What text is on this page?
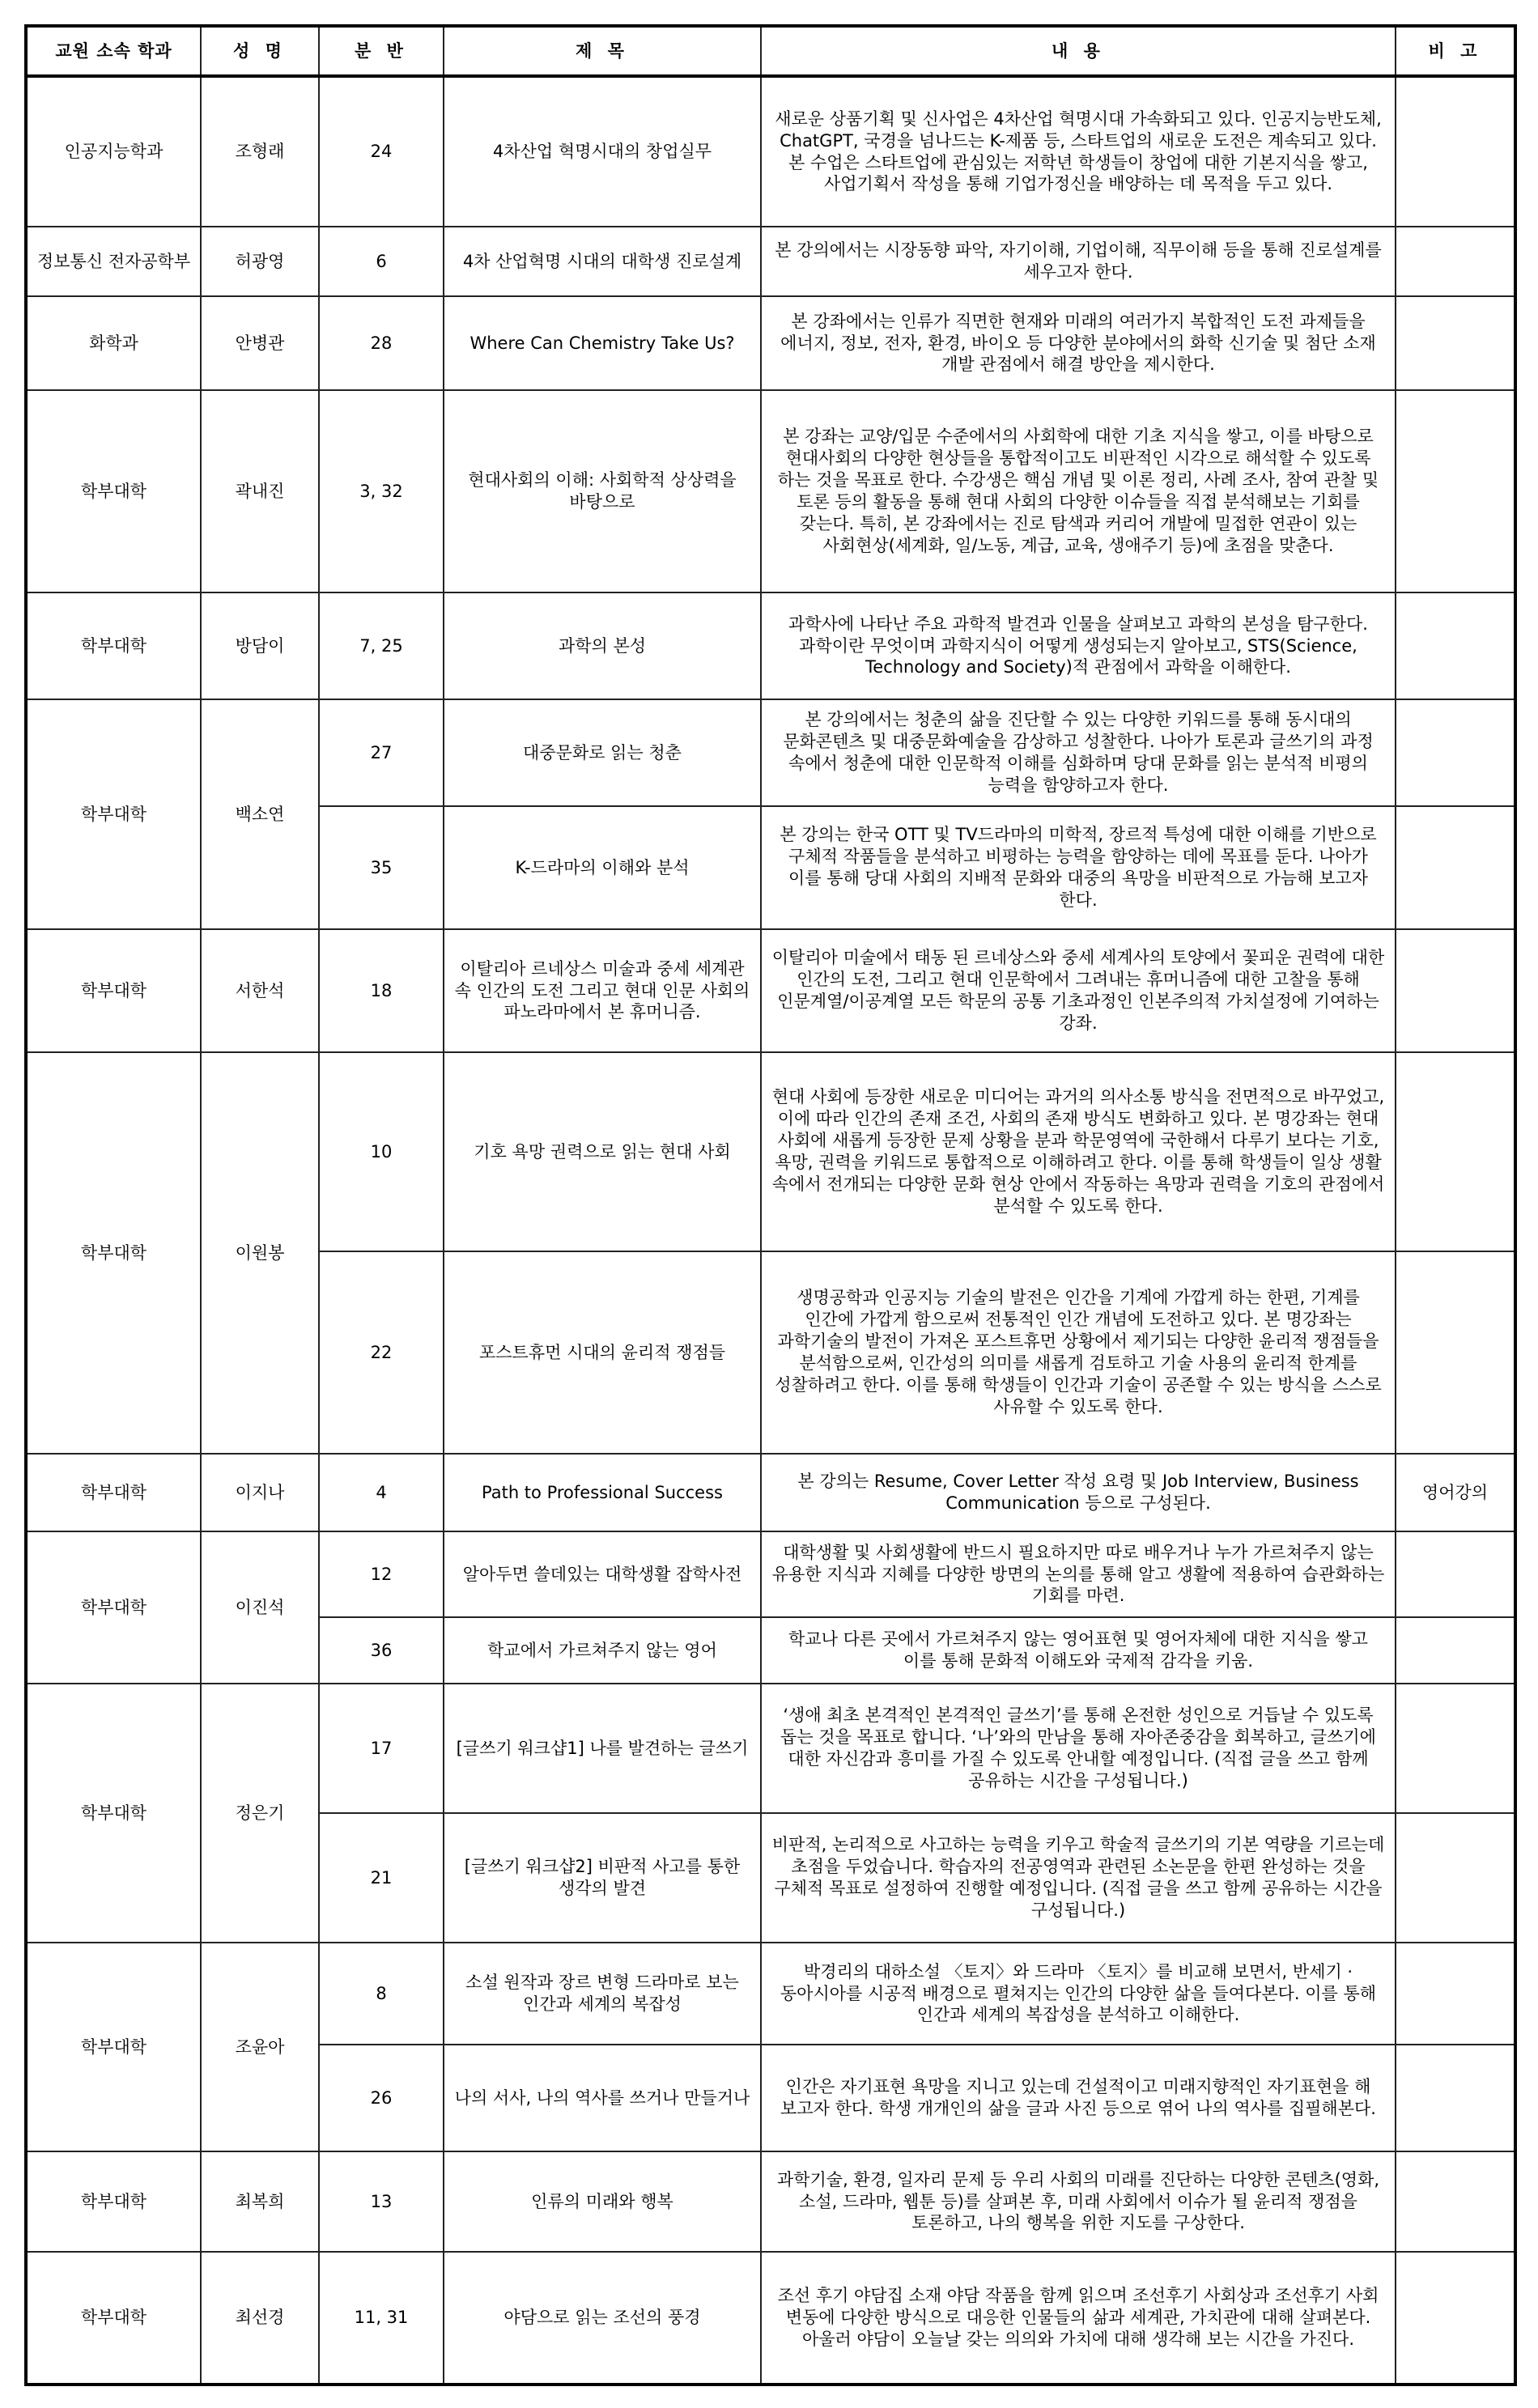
교원 소속 학과	성 명	분 반	제 목	내 용	비 고
인공지능학과	조형래	24	4차산업 혁명시대의 창업실무	새로운 상품기획 및 신사업은 4차산업 혁명시대 가속화되고 있다. 인공지능반도체, ChatGPT, 국경을 넘나드는 K-제품 등, 스타트업의 새로운 도전은 계속되고 있다. 본 수업은 스타트업에 관심있는 저학년 학생들이 창업에 대한 기본지식을 쌓고, 사업기획서 작성을 통해 기업가정신을 배양하는 데 목적을 두고 있다.	
정보통신 전자공학부	허광영	6	4차 산업혁명 시대의 대학생 진로설계	본 강의에서는 시장동향 파악, 자기이해, 기업이해, 직무이해 등을 통해 진로설계를 세우고자 한다.	
화학과	안병관	28	Where Can Chemistry Take Us?	본 강좌에서는 인류가 직면한 현재와 미래의 여러가지 복합적인 도전 과제들을 에너지, 정보, 전자, 환경, 바이오 등 다양한 분야에서의 화학 신기술 및 첨단 소재 개발 관점에서 해결 방안을 제시한다.	
학부대학	곽내진	3, 32	현대사회의 이해: 사회학적 상상력을 바탕으로	본 강좌는 교양/입문 수준에서의 사회학에 대한 기초 지식을 쌓고, 이를 바탕으로 현대사회의 다양한 현상들을 통합적이고도 비판적인 시각으로 해석할 수 있도록 하는 것을 목표로 한다. 수강생은 핵심 개념 및 이론 정리, 사례 조사, 참여 관찰 및 토론 등의 활동을 통해 현대 사회의 다양한 이슈들을 직접 분석해보는 기회를 갖는다. 특히, 본 강좌에서는 진로 탐색과 커리어 개발에 밀접한 연관이 있는 사회현상(세계화, 일/노동, 계급, 교육, 생애주기 등)에 초점을 맞춘다.	
학부대학	방담이	7, 25	과학의 본성	과학사에 나타난 주요 과학적 발견과 인물을 살펴보고 과학의 본성을 탐구한다. 과학이란 무엇이며 과학지식이 어떻게 생성되는지 알아보고, STS(Science, Technology and Society)적 관점에서 과학을 이해한다.	
학부대학	백소연	27	대중문화로 읽는 청춘	본 강의에서는 청춘의 삶을 진단할 수 있는 다양한 키워드를 통해 동시대의 문화콘텐츠 및 대중문화예술을 감상하고 성찰한다. 나아가 토론과 글쓰기의 과정 속에서 청춘에 대한 인문학적 이해를 심화하며 당대 문화를 읽는 분석적 비평의 능력을 함양하고자 한다.	
		35	K-드라마의 이해와 분석	본 강의는 한국 OTT 및 TV드라마의 미학적, 장르적 특성에 대한 이해를 기반으로 구체적 작품들을 분석하고 비평하는 능력을 함양하는 데에 목표를 둔다. 나아가 이를 통해 당대 사회의 지배적 문화와 대중의 욕망을 비판적으로 가늠해 보고자 한다.	
학부대학	서한석	18	이탈리아 르네상스 미술과 중세 세계관 속 인간의 도전 그리고 현대 인문 사회의 파노라마에서 본 휴머니즘.	이탈리아 미술에서 태동 된 르네상스와 중세 세계사의 토양에서 꽃피운 권력에 대한 인간의 도전, 그리고 현대 인문학에서 그려내는 휴머니즘에 대한 고찰을 통해 인문계열/이공계열 모든 학문의 공통 기초과정인 인본주의적 가치설정에 기여하는 강좌.	
학부대학	이원봉	10	기호 욕망 권력으로 읽는 현대 사회	현대 사회에 등장한 새로운 미디어는 과거의 의사소통 방식을 전면적으로 바꾸었고, 이에 따라 인간의 존재 조건, 사회의 존재 방식도 변화하고 있다. 본 명강좌는 현대 사회에 새롭게 등장한 문제 상황을 분과 학문영역에 국한해서 다루기 보다는 기호, 욕망, 권력을 키워드로 통합적으로 이해하려고 한다. 이를 통해 학생들이 일상 생활 속에서 전개되는 다양한 문화 현상 안에서 작동하는 욕망과 권력을 기호의 관점에서 분석할 수 있도록 한다.	
		22	포스트휴먼 시대의 윤리적 쟁점들	생명공학과 인공지능 기술의 발전은 인간을 기계에 가깝게 하는 한편, 기계를 인간에 가깝게 함으로써 전통적인 인간 개념에 도전하고 있다. 본 명강좌는 과학기술의 발전이 가져온 포스트휴먼 상황에서 제기되는 다양한 윤리적 쟁점들을 분석함으로써, 인간성의 의미를 새롭게 검토하고 기술 사용의 윤리적 한계를 성찰하려고 한다. 이를 통해 학생들이 인간과 기술이 공존할 수 있는 방식을 스스로 사유할 수 있도록 한다.	
학부대학	이지나	4	Path to Professional Success	본 강의는 Resume, Cover Letter 작성 요령 및 Job Interview, Business Communication 등으로 구성된다.	영어강의
학부대학	이진석	12	알아두면 쓸데있는 대학생활 잡학사전	대학생활 및 사회생활에 반드시 필요하지만 따로 배우거나 누가 가르쳐주지 않는 유용한 지식과 지혜를 다양한 방면의 논의를 통해 알고 생활에 적용하여 습관화하는 기회를 마련.	
		36	학교에서 가르쳐주지 않는 영어	학교나 다른 곳에서 가르쳐주지 않는 영어표현 및 영어자체에 대한 지식을 쌓고 이를 통해 문화적 이해도와 국제적 감각을 키움.	
학부대학	정은기	17	[글쓰기 워크샵1] 나를 발견하는 글쓰기	‘생애 최초 본격적인 본격적인 글쓰기’를 통해 온전한 성인으로 거듭날 수 있도록 돕는 것을 목표로 합니다. ‘나’와의 만남을 통해 자아존중감을 회복하고, 글쓰기에 대한 자신감과 흥미를 가질 수 있도록 안내할 예정입니다. (직접 글을 쓰고 함께 공유하는 시간을 구성됩니다.)	
		21	[글쓰기 워크샵2] 비판적 사고를 통한 생각의 발견	비판적, 논리적으로 사고하는 능력을 키우고 학술적 글쓰기의 기본 역량을 기르는데 초점을 두었습니다. 학습자의 전공영역과 관련된 소논문을 한편 완성하는 것을 구체적 목표로 설정하여 진행할 예정입니다. (직접 글을 쓰고 함께 공유하는 시간을 구성됩니다.)	
학부대학	조윤아	8	소설 원작과 장르 변형 드라마로 보는 인간과 세계의 복잡성	박경리의 대하소설 〈토지〉와 드라마 〈토지〉를 비교해 보면서, 반세기 · 동아시아를 시공적 배경으로 펼쳐지는 인간의 다양한 삶을 들여다본다. 이를 통해 인간과 세계의 복잡성을 분석하고 이해한다.	
		26	나의 서사, 나의 역사를 쓰거나 만들거나	인간은 자기표현 욕망을 지니고 있는데 건설적이고 미래지향적인 자기표현을 해 보고자 한다. 학생 개개인의 삶을 글과 사진 등으로 엮어 나의 역사를 집필해본다.	
학부대학	최복희	13	인류의 미래와 행복	과학기술, 환경, 일자리 문제 등 우리 사회의 미래를 진단하는 다양한 콘텐츠(영화, 소설, 드라마, 웹툰 등)를 살펴본 후, 미래 사회에서 이슈가 될 윤리적 쟁점을 토론하고, 나의 행복을 위한 지도를 구상한다.	
학부대학	최선경	11, 31	야담으로 읽는 조선의 풍경	조선 후기 야담집 소재 야담 작품을 함께 읽으며 조선후기 사회상과 조선후기 사회 변동에 다양한 방식으로 대응한 인물들의 삶과 세계관, 가치관에 대해 살펴본다. 아울러 야담이 오늘날 갖는 의의와 가치에 대해 생각해 보는 시간을 가진다.	
